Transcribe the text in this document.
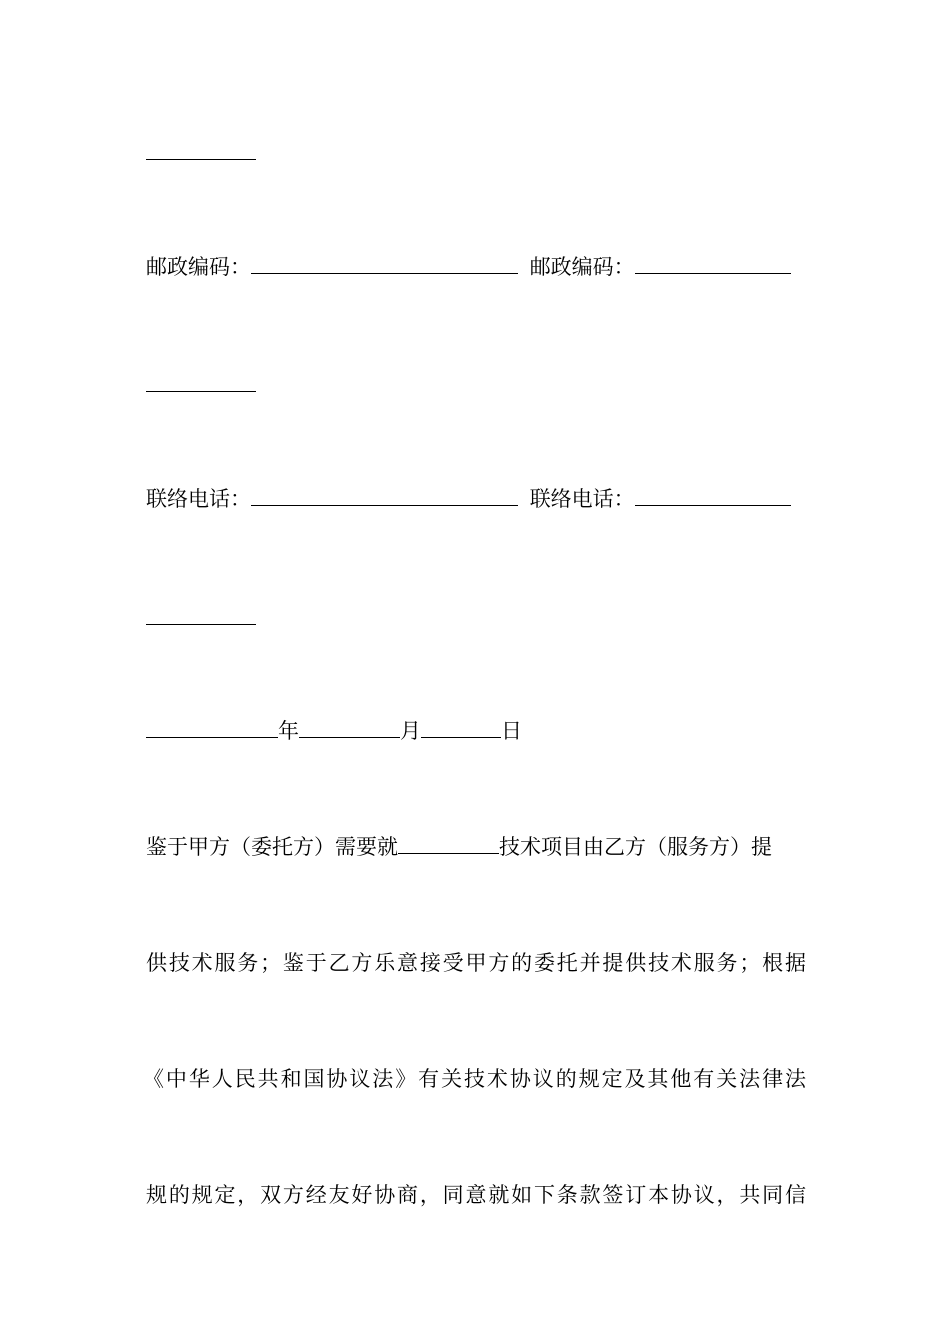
邮政编码：	邮政编码：
联络电话：	联络电话：
年	月	日
鉴于甲方（委托方）需要就	技术项目由乙方（服务方）提
供技术服务；鉴于乙方乐意接受甲方的委托并提供技术服务；根据
《中华人民共和国协议法》有关技术协议的规定及其他有关法律法
规的规定，双方经友好协商，同意就如下条款签订本协议，共同信
